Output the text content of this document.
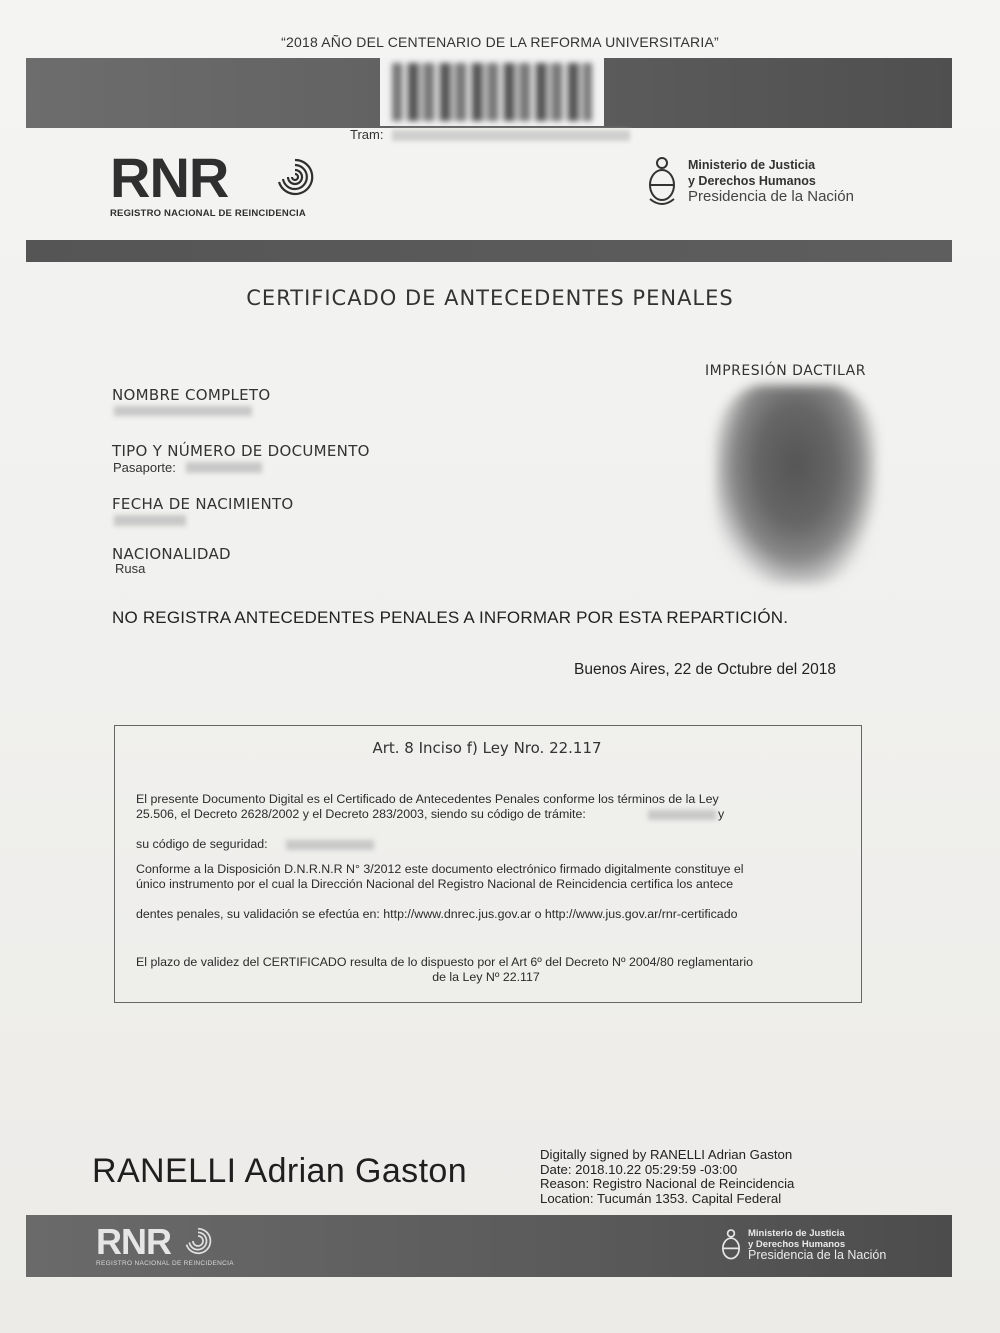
“2018 AÑO DEL CENTENARIO DE LA REFORMA UNIVERSITARIA”
Tram:
RNR
REGISTRO NACIONAL DE REINCIDENCIA
Ministerio de Justicia
y Derechos Humanos
Presidencia de la Nación
CERTIFICADO DE ANTECEDENTES PENALES
NOMBRE COMPLETO
TIPO Y NÚMERO DE DOCUMENTO
Pasaporte:
FECHA DE NACIMIENTO
NACIONALIDAD
Rusa
IMPRESIÓN DACTILAR
NO REGISTRA ANTECEDENTES PENALES A INFORMAR POR ESTA REPARTICIÓN.
Buenos Aires, 22 de Octubre del 2018
Art. 8 Inciso f) Ley Nro. 22.117
El presente Documento Digital es el Certificado de Antecedentes Penales conforme los términos de la Ley
25.506, el Decreto 2628/2002 y el Decreto 283/2003, siendo su código de trámite:	y
su código de seguridad:
Conforme a la Disposición D.N.R.N.R N° 3/2012 este documento electrónico firmado digitalmente constituye el
único instrumento por el cual la Dirección Nacional del Registro Nacional de Reincidencia certifica los antece
dentes penales, su validación se efectúa en: http://www.dnrec.jus.gov.ar o http://www.jus.gov.ar/rnr-certificado
El plazo de validez del CERTIFICADO resulta de lo dispuesto por el Art 6º del Decreto Nº 2004/80 reglamentario
de la Ley Nº 22.117
RANELLI Adrian Gaston	Digitally signed by RANELLI Adrian Gaston
Date: 2018.10.22 05:29:59 -03:00
Reason: Registro Nacional de Reincidencia
Location: Tucumán 1353. Capital Federal
RNR
REGISTRO NACIONAL DE REINCIDENCIA
Ministerio de Justicia
y Derechos Humanos
Presidencia de la Nación
